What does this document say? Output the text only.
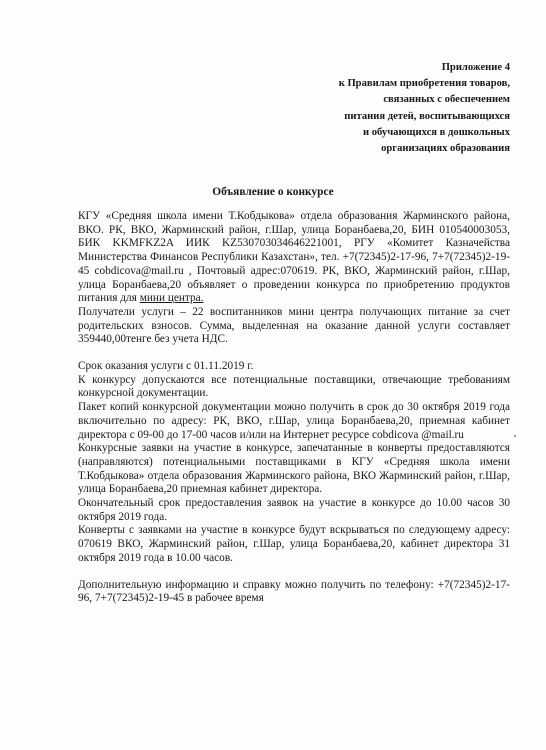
Приложение 4
к Правилам приобретения товаров,
связанных с обеспечением
питания детей, воспитывающихся
и обучающихся в дошкольных
организациях образования
Объявление о конкурсе

КГУ «Средняя школа имени Т.Кобдыкова» отдела образования Жарминского района, ВКО. РК, ВКО, Жарминский район, г.Шар, улица Боранбаева,20, БИН 010540003053, БИК KKMFKZ2A ИИК KZ530703034646221001, РГУ «Комитет Казначейства Министерства Финансов Республики Казахстан», тел. +7(72345)2-17-96, 7+7(72345)2-19-45 cobdicova@mail.ru , Почтовый адрес:070619. РК, ВКО, Жарминский район, г.Шар, улица Боранбаева,20 объявляет о проведении конкурса по приобретению продуктов питания для мини центра.

Получатели услуги – 22 воспитанников мини центра получающих питание за счет родительских взносов. Сумма, выделенная на оказание данной услуги составляет 359440,00тенге без учета НДС.

Срок оказания услуги с 01.11.2019 г.

К конкурсу допускаются все потенциальные поставщики, отвечающие требованиям конкурсной документации.

Пакет копий конкурсной документации можно получить в срок до 30 октября 2019 года включительно по адресу: РК, ВКО, г.Шар, улица Боранбаева,20, приемная кабинет директора с 09-00 до 17-00 часов и/или на Интернет ресурсе cobdicova @mail.ru

Конкурсные заявки на участие в конкурсе, запечатанные в конверты предоставляются (направляются) потенциальными поставщиками в КГУ «Средняя школа имени Т.Кобдыкова» отдела образования Жарминского района, ВКО Жарминский район, г.Шар, улица Боранбаева,20 приемная кабинет директора.

Окончательный срок предоставления заявок на участие в конкурсе до 10.00 часов 30 октября 2019 года.

Конверты с заявками на участие в конкурсе будут вскрываться по следующему адресу: 070619 ВКО, Жарминский район, г.Шар, улица Боранбаева,20, кабинет директора 31 октября 2019 года в 10.00 часов.

Дополнительную информацию и справку можно получить по телефону: +7(72345)2-17-96, 7+7(72345)2-19-45 в рабочее время
